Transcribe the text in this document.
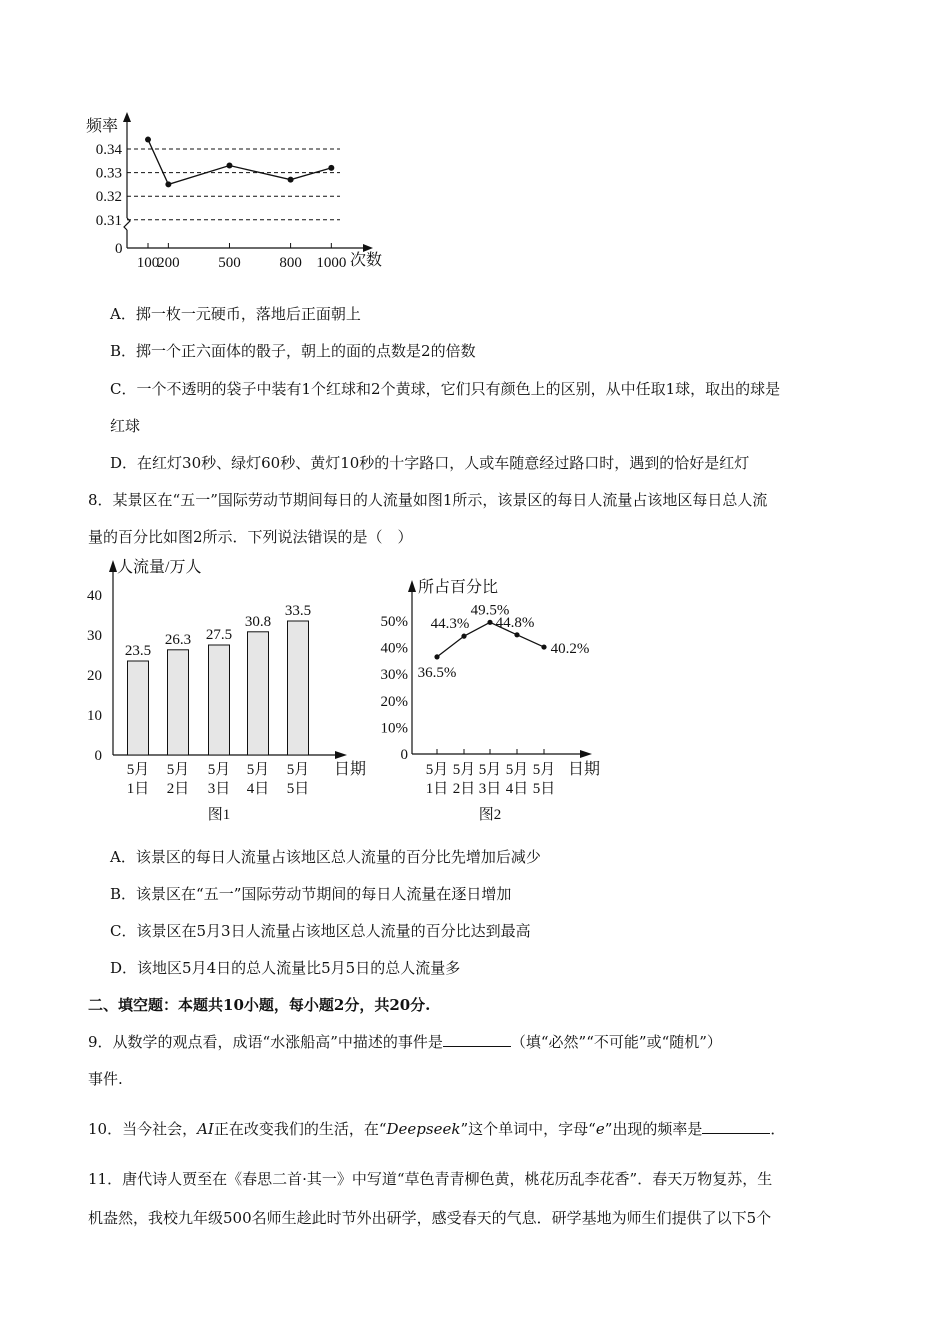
频率
次数
0.34
0.33
0.32
0.31
0
100
200	500	800 1000
A．掷一枚一元硬币，落地后正面朝上
B．掷一个正六面体的骰子，朝上的面的点数是2的倍数
C．一个不透明的袋子中装有1个红球和2个黄球，它们只有颜色上的区别，从中任取1球，取出的球是
红球
D．在红灯30秒、绿灯60秒、黄灯10秒的十字路口，人或车随意经过路口时，遇到的恰好是红灯
8．某景区在“五一”国际劳动节期间每日的人流量如图1所示，该景区的每日人流量占该地区每日总人流
量的百分比如图2所示．下列说法错误的是（　）
人流量/万人
日期
0
10
20
30
40
23.5
5月
1日
26.3
5月
2日
27.5
5月
3日
30.8
5月
4日
33.5
5月
5日
图1
所占百分比
日期
0
10%
20%
30%
40%
50%
36.5%
44.3%
49.5%
44.8%
40.2%
5月
1日
5月
2日
5月
3日
5月
4日
5月
5日
图2
A．该景区的每日人流量占该地区总人流量的百分比先增加后减少
B．该景区在“五一”国际劳动节期间的每日人流量在逐日增加
C．该景区在5月3日人流量占该地区总人流量的百分比达到最高
D．该地区5月4日的总人流量比5月5日的总人流量多
二、填空题：本题共10小题，每小题2分，共20分.
9．从数学的观点看，成语“水涨船高”中描述的事件是	（填“必然”“不可能”或“随机”）
事件.
10．当今社会，AI正在改变我们的生活，在“Deepseek”这个单词中，字母“e”出现的频率是	．
11．唐代诗人贾至在《春思二首·其一》中写道“草色青青柳色黄，桃花历乱李花香”．春天万物复苏，生
机盎然，我校九年级500名师生趁此时节外出研学，感受春天的气息．研学基地为师生们提供了以下5个
